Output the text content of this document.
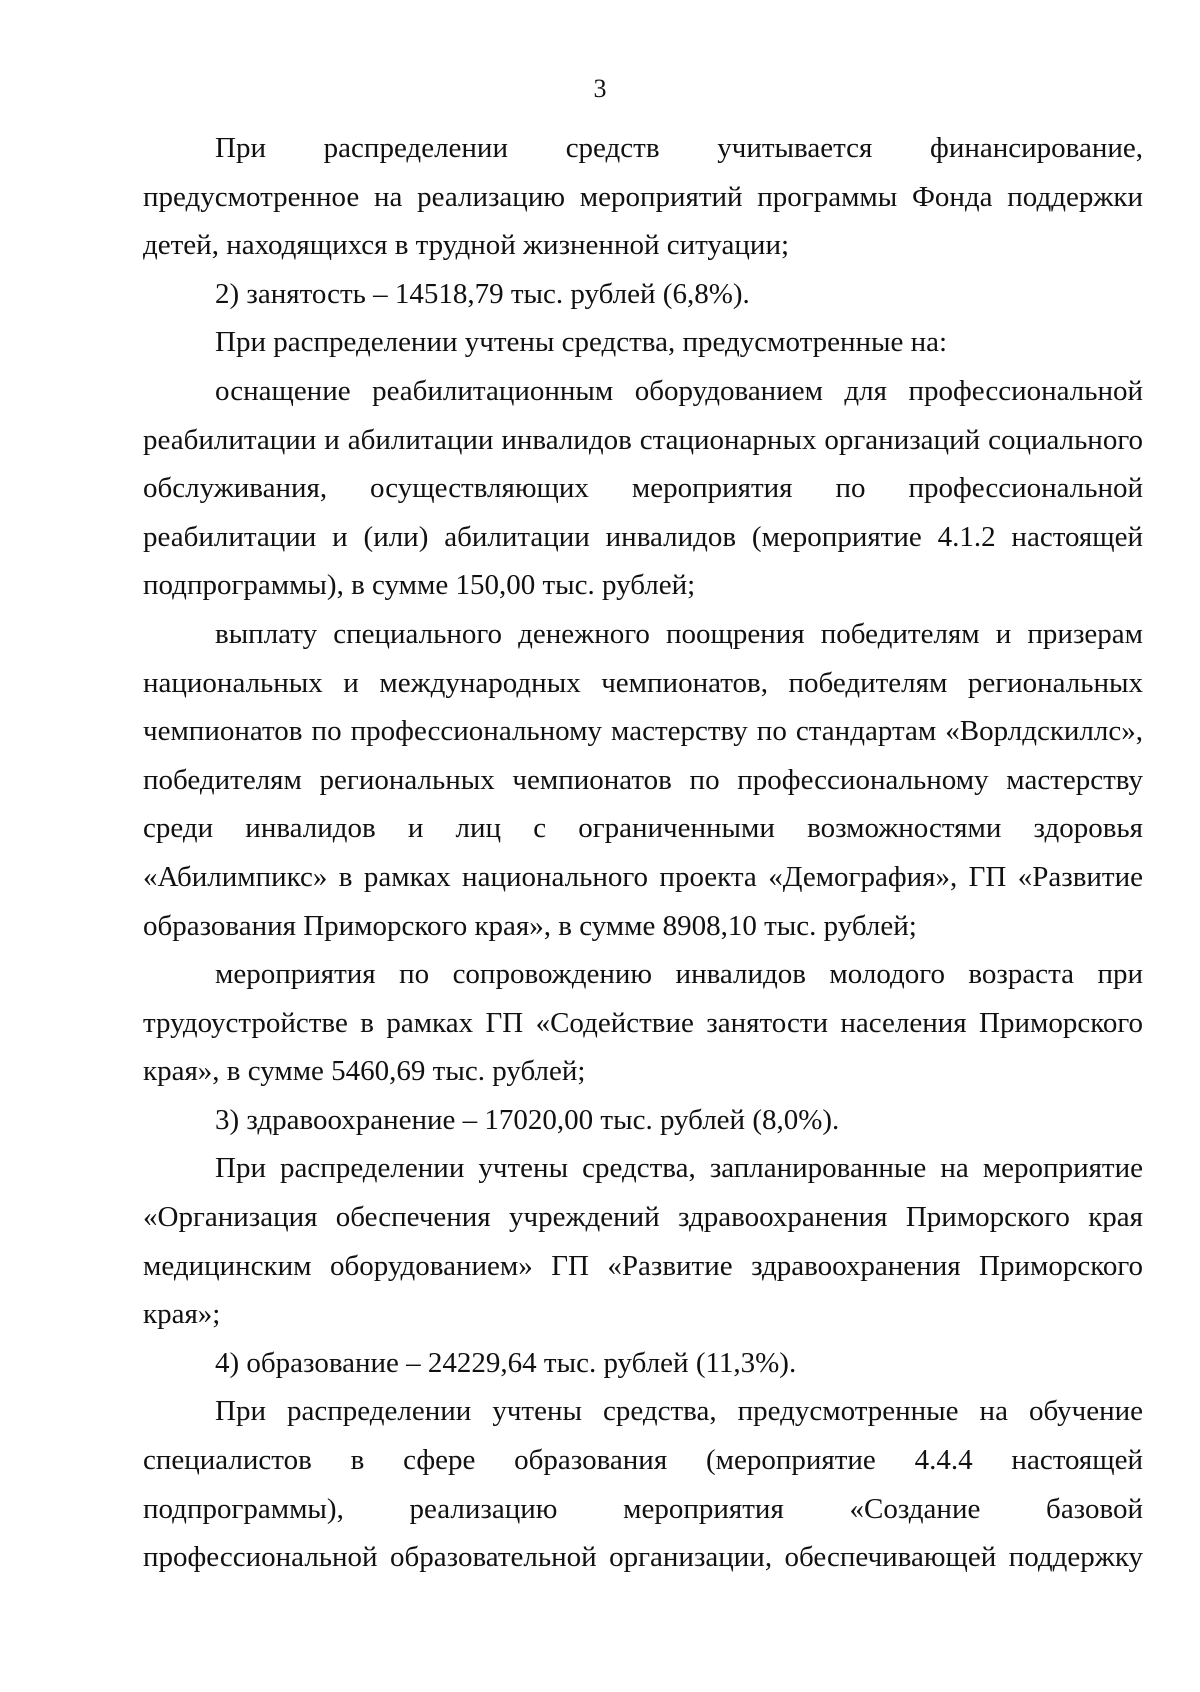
3

При распределении средств учитывается финансирование, предусмотренное на реализацию мероприятий программы Фонда поддержки детей, находящихся в трудной жизненной ситуации;

2) занятость – 14518,79 тыс. рублей (6,8%).

При распределении учтены средства, предусмотренные на:

оснащение реабилитационным оборудованием для профессиональной реабилитации и абилитации инвалидов стационарных организаций социального обслуживания, осуществляющих мероприятия по профессиональной реабилитации и (или) абилитации инвалидов (мероприятие 4.1.2 настоящей подпрограммы), в сумме 150,00 тыс. рублей;

выплату специального денежного поощрения победителям и призерам национальных и международных чемпионатов, победителям региональных чемпионатов по профессиональному мастерству по стандартам «Ворлдскиллс», победителям региональных чемпионатов по профессиональному мастерству среди инвалидов и лиц с ограниченными возможностями здоровья «Абилимпикс» в рамках национального проекта «Демография», ГП «Развитие образования Приморского края», в сумме 8908,10 тыс. рублей;

мероприятия по сопровождению инвалидов молодого возраста при трудоустройстве в рамках ГП «Содействие занятости населения Приморского края», в сумме 5460,69 тыс. рублей;

3) здравоохранение – 17020,00 тыс. рублей (8,0%).

При распределении учтены средства, запланированные на мероприятие «Организация обеспечения учреждений здравоохранения Приморского края медицинским оборудованием» ГП «Развитие здравоохранения Приморского края»;

4) образование – 24229,64 тыс. рублей (11,3%).

При распределении учтены средства, предусмотренные на обучение специалистов в сфере образования (мероприятие 4.4.4 настоящей подпрограммы), реализацию мероприятия «Создание базовой профессиональной образовательной организации, обеспечивающей поддержку
